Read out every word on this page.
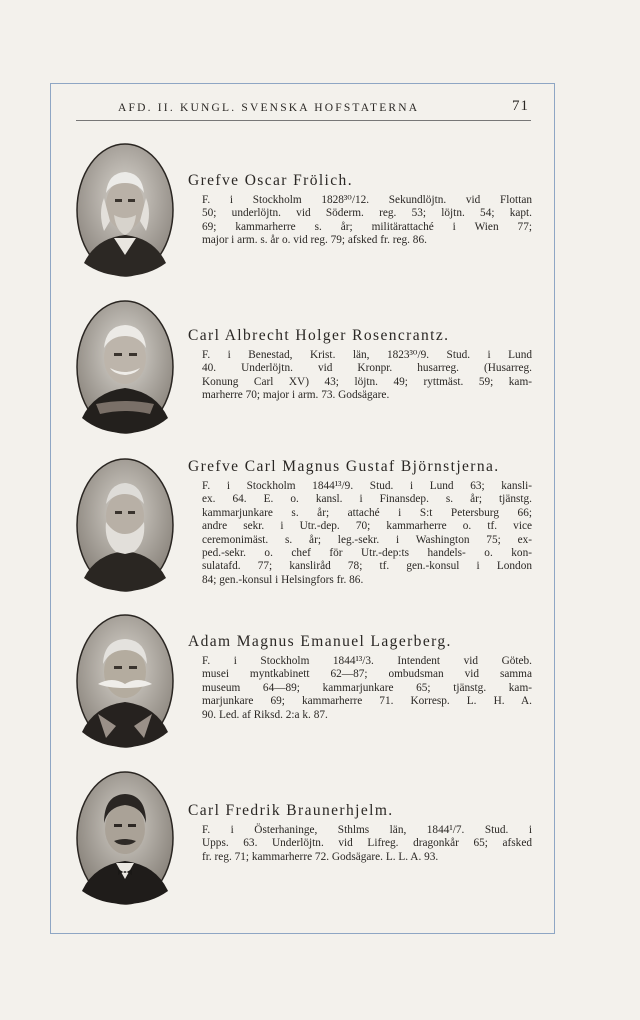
AFD. II. KUNGL. SVENSKA HOFSTATERNA	71
Grefve Oscar Frölich.

F. i Stockholm 1828³⁰/12. Sekundlöjtn. vid Flottan
50; underlöjtn. vid Söderm. reg. 53; löjtn. 54; kapt.
69; kammarherre s. år; militärattaché i Wien 77;
major i arm. s. år o. vid reg. 79; afsked fr. reg. 86.

Carl Albrecht Holger Rosencrantz.

F. i Benestad, Krist. län, 1823³⁰/9. Stud. i Lund
40. Underlöjtn. vid Kronpr. husarreg. (Husarreg.
Konung Carl XV) 43; löjtn. 49; ryttmäst. 59; kam-
marherre 70; major i arm. 73. Godsägare.

Grefve Carl Magnus Gustaf Björnstjerna.

F. i Stockholm 1844¹³/9. Stud. i Lund 63; kansli-
ex. 64. E. o. kansl. i Finansdep. s. år; tjänstg.
kammarjunkare s. år; attaché i S:t Petersburg 66;
andre sekr. i Utr.-dep. 70; kammarherre o. tf. vice
ceremonimäst. s. år; leg.-sekr. i Washington 75; ex-
ped.-sekr. o. chef för Utr.-dep:ts handels- o. kon-
sulatafd. 77; kansliråd 78; tf. gen.-konsul i London
84; gen.-konsul i Helsingfors fr. 86.

Adam Magnus Emanuel Lagerberg.

F. i Stockholm 1844¹³/3. Intendent vid Göteb.
musei myntkabinett 62—87; ombudsman vid samma
museum 64—89; kammarjunkare 65; tjänstg. kam-
marjunkare 69; kammarherre 71. Korresp. L. H. A.
90. Led. af Riksd. 2:a k. 87.

Carl Fredrik Braunerhjelm.

F. i Österhaninge, Sthlms län, 1844¹/7. Stud. i
Upps. 63. Underlöjtn. vid Lifreg. dragonkår 65; afsked
fr. reg. 71; kammarherre 72. Godsägare. L. L. A. 93.
